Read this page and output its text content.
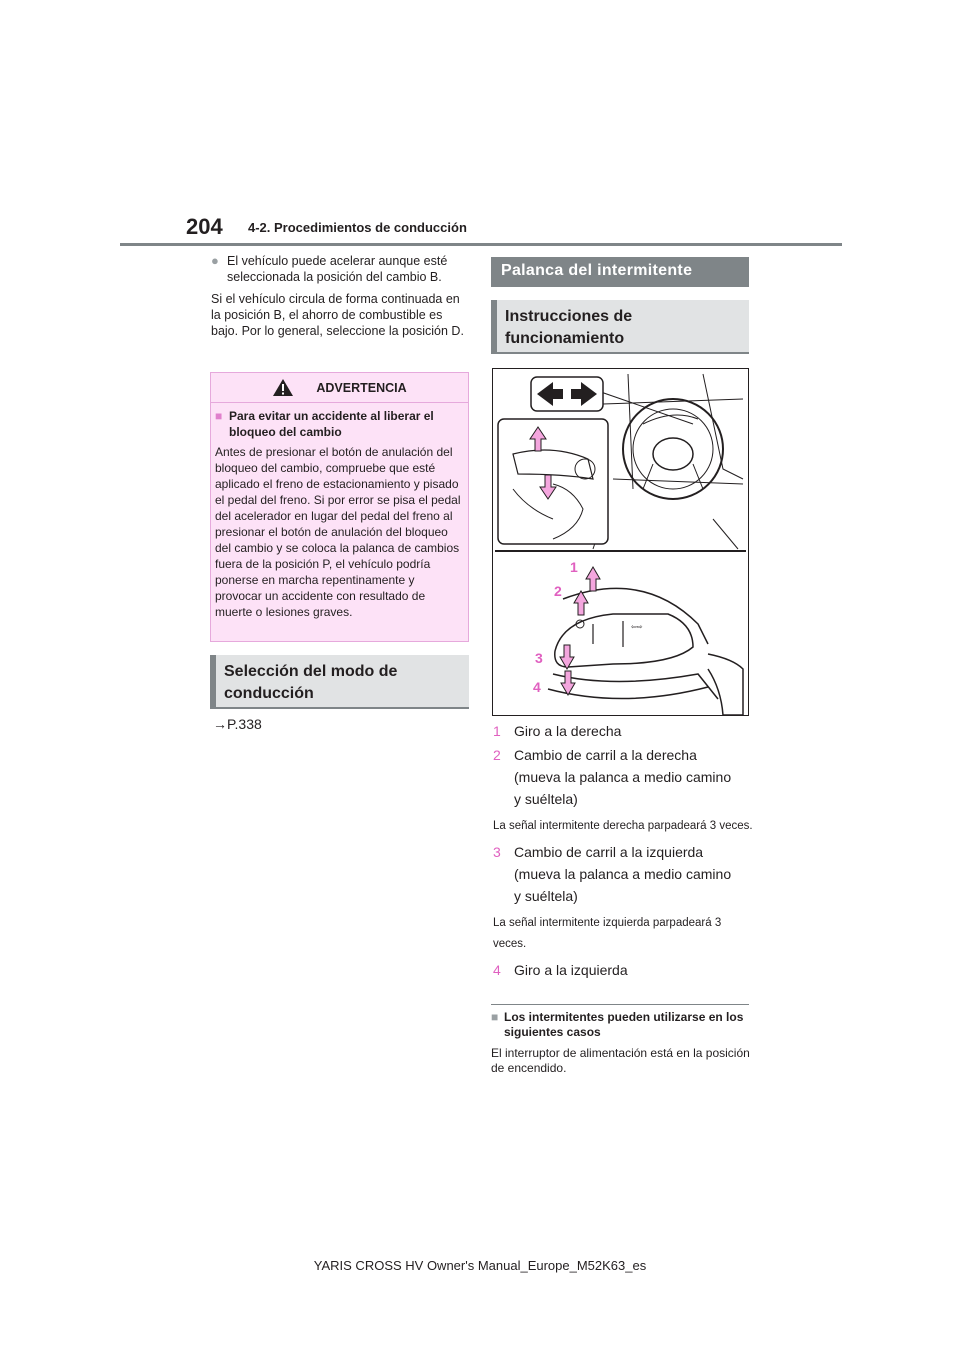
204 4-2. Procedimientos de conducción
● El vehículo puede acelerar aunque esté seleccionada la posición del cambio B.
Si el vehículo circula de forma continuada en la posición B, el ahorro de combustible es bajo. Por lo general, seleccione la posición D.
ADVERTENCIA
■ Para evitar un accidente al liberar el bloqueo del cambio
Antes de presionar el botón de anulación del bloqueo del cambio, compruebe que esté aplicado el freno de estacionamiento y pisado el pedal del freno. Si por error se pisa el pedal del acelerador en lugar del pedal del freno al presionar el botón de anulación del bloqueo del cambio y se coloca la palanca de cambios fuera de la posición P, el vehículo podría ponerse en marcha repentinamente y provocar un accidente con resultado de muerte o lesiones graves.
Selección del modo de conducción
→P.338
Palanca del intermitente
Instrucciones de funcionamiento
⇦⇨
1
2
3
4
1 Giro a la derecha
2 Cambio de carril a la derecha
(mueva la palanca a medio camino
y suéltela)
La señal intermitente derecha parpadeará 3 veces.
3 Cambio de carril a la izquierda
(mueva la palanca a medio camino
y suéltela)
La señal intermitente izquierda parpadeará 3 veces.
4 Giro a la izquierda
■ Los intermitentes pueden utilizarse en los siguientes casos
El interruptor de alimentación está en la posición de encendido.
YARIS CROSS HV Owner's Manual_Europe_M52K63_es
